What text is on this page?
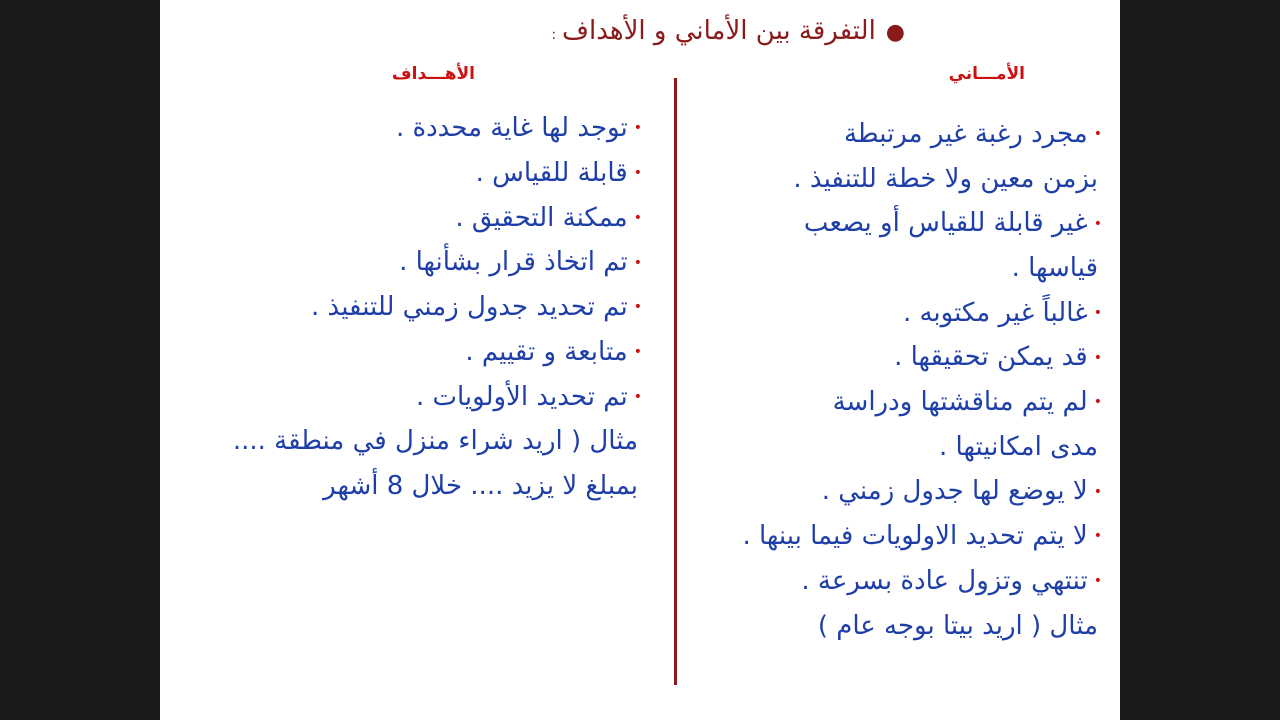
●التفرقة بين الأماني و الأهداف:
الأمـــاني
الأهـــداف
•مجرد رغبة غير مرتبطة
بزمن معين ولا خطة للتنفيذ .
•غير قابلة للقياس أو يصعب
قياسها .
•غالباً غير مكتوبه .
•قد يمكن تحقيقها .
•لم يتم مناقشتها ودراسة
مدى امكانيتها .
•لا يوضع لها جدول زمني .
•لا يتم تحديد الاولويات فيما بينها .
•تنتهي وتزول عادة بسرعة .
مثال ( اريد بيتا بوجه عام )
•توجد لها غاية محددة .
•قابلة للقياس .
•ممكنة التحقيق .
•تم اتخاذ قرار بشأنها .
•تم تحديد جدول زمني للتنفيذ .
•متابعة و تقييم .
•تم تحديد الأولويات .
مثال ( اريد شراء منزل في منطقة ....
بمبلغ لا يزيد .... خلال 8 أشهر
